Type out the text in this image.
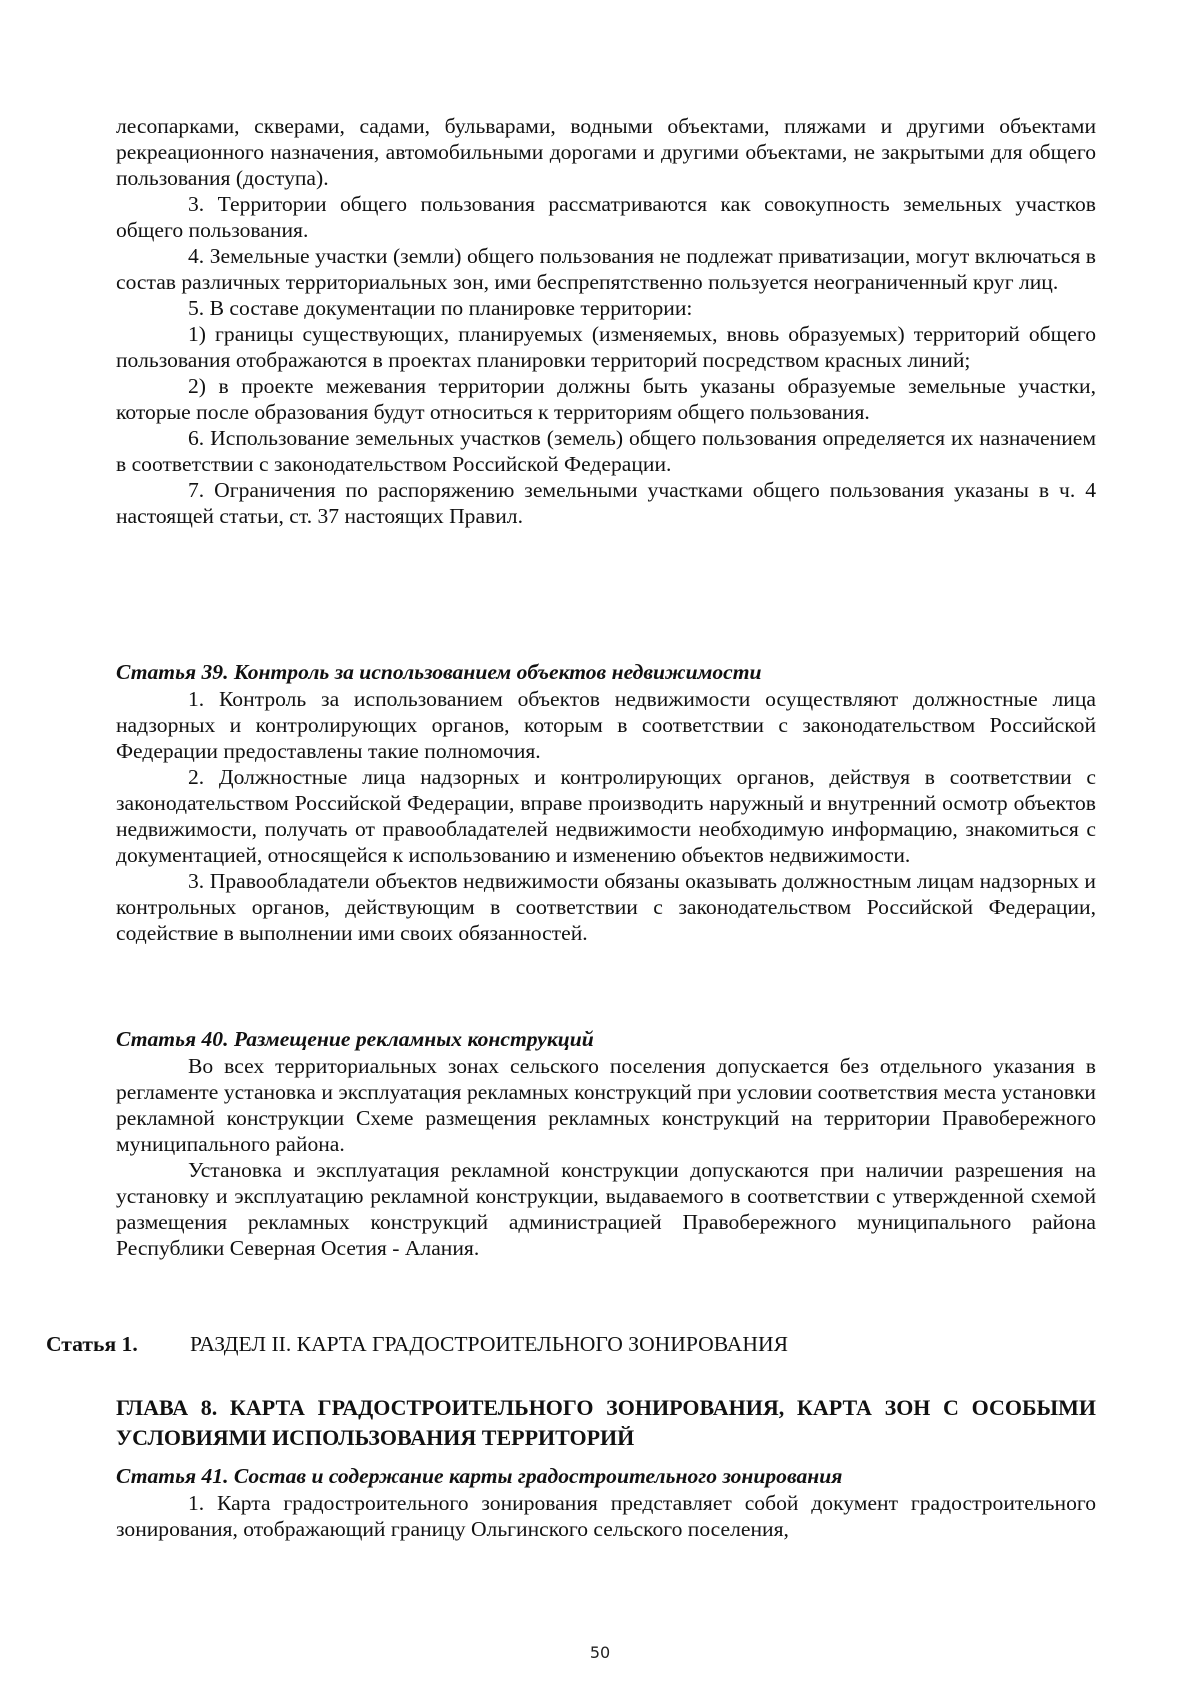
лесопарками, скверами, садами, бульварами, водными объектами, пляжами и другими объектами рекреационного назначения, автомобильными дорогами и другими объектами, не закрытыми для общего пользования (доступа).

3. Территории общего пользования рассматриваются как совокупность земельных участков общего пользования.

4. Земельные участки (земли) общего пользования не подлежат приватизации, могут включаться в состав различных территориальных зон, ими беспрепятственно пользуется неограниченный круг лиц.

5. В составе документации по планировке территории:

1) границы существующих, планируемых (изменяемых, вновь образуемых) территорий общего пользования отображаются в проектах планировки территорий посредством красных линий;

2) в проекте межевания территории должны быть указаны образуемые земельные участки, которые после образования будут относиться к территориям общего пользования.

6. Использование земельных участков (земель) общего пользования определяется их назначением в соответствии с законодательством Российской Федерации.

7. Ограничения по распоряжению земельными участками общего пользования указаны в ч. 4 настоящей статьи, ст. 37 настоящих Правил.

Статья 39. Контроль за использованием объектов недвижимости

1. Контроль за использованием объектов недвижимости осуществляют должностные лица надзорных и контролирующих органов, которым в соответствии с законодательством Российской Федерации предоставлены такие полномочия.

2. Должностные лица надзорных и контролирующих органов, действуя в соответствии с законодательством Российской Федерации, вправе производить наружный и внутренний осмотр объектов недвижимости, получать от правообладателей недвижимости необходимую информацию, знакомиться с документацией, относящейся к использованию и изменению объектов недвижимости.

3. Правообладатели объектов недвижимости обязаны оказывать должностным лицам надзорных и контрольных органов, действующим в соответствии с законодательством Российской Федерации, содействие в выполнении ими своих обязанностей.

Статья 40. Размещение рекламных конструкций

Во всех территориальных зонах сельского поселения допускается без отдельного указания в регламенте установка и эксплуатация рекламных конструкций при условии соответствия места установки рекламной конструкции Схеме размещения рекламных конструкций на территории Правобережного муниципального района.

Установка и эксплуатация рекламной конструкции допускаются при наличии разрешения на установку и эксплуатацию рекламной конструкции, выдаваемого в соответствии с утвержденной схемой размещения рекламных конструкций администрацией Правобережного муниципального района Республики Северная Осетия - Алания.

Статья 1. РАЗДЕЛ II. КАРТА ГРАДОСТРОИТЕЛЬНОГО ЗОНИРОВАНИЯ
ГЛАВА 8. КАРТА ГРАДОСТРОИТЕЛЬНОГО ЗОНИРОВАНИЯ, КАРТА ЗОН С ОСОБЫМИ УСЛОВИЯМИ ИСПОЛЬЗОВАНИЯ ТЕРРИТОРИЙ

Статья 41. Состав и содержание карты градостроительного зонирования

1. Карта градостроительного зонирования представляет собой документ градостроительного зонирования, отображающий границу Ольгинского сельского поселения,

50
